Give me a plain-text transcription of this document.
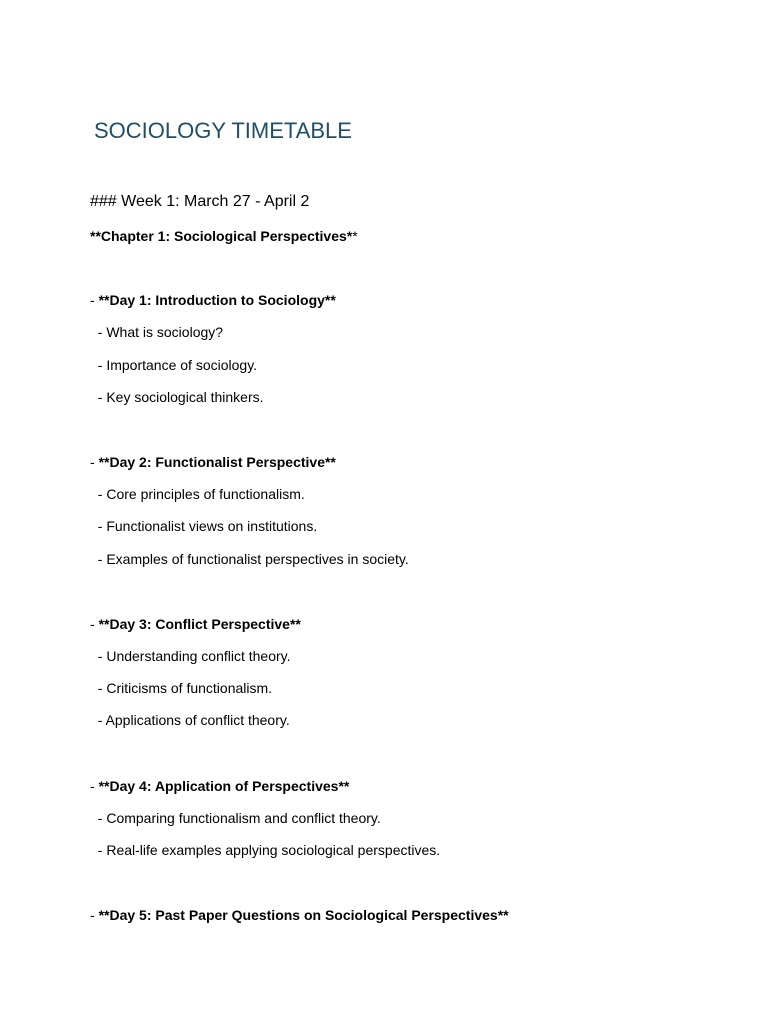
SOCIOLOGY TIMETABLE
### Week 1: March 27 - April 2
**Chapter 1: Sociological Perspectives**
- **Day 1: Introduction to Sociology**
- What is sociology?
- Importance of sociology.
- Key sociological thinkers.
- **Day 2: Functionalist Perspective**
- Core principles of functionalism.
- Functionalist views on institutions.
- Examples of functionalist perspectives in society.
- **Day 3: Conflict Perspective**
- Understanding conflict theory.
- Criticisms of functionalism.
- Applications of conflict theory.
- **Day 4: Application of Perspectives**
- Comparing functionalism and conflict theory.
- Real-life examples applying sociological perspectives.
- **Day 5: Past Paper Questions on Sociological Perspectives**
